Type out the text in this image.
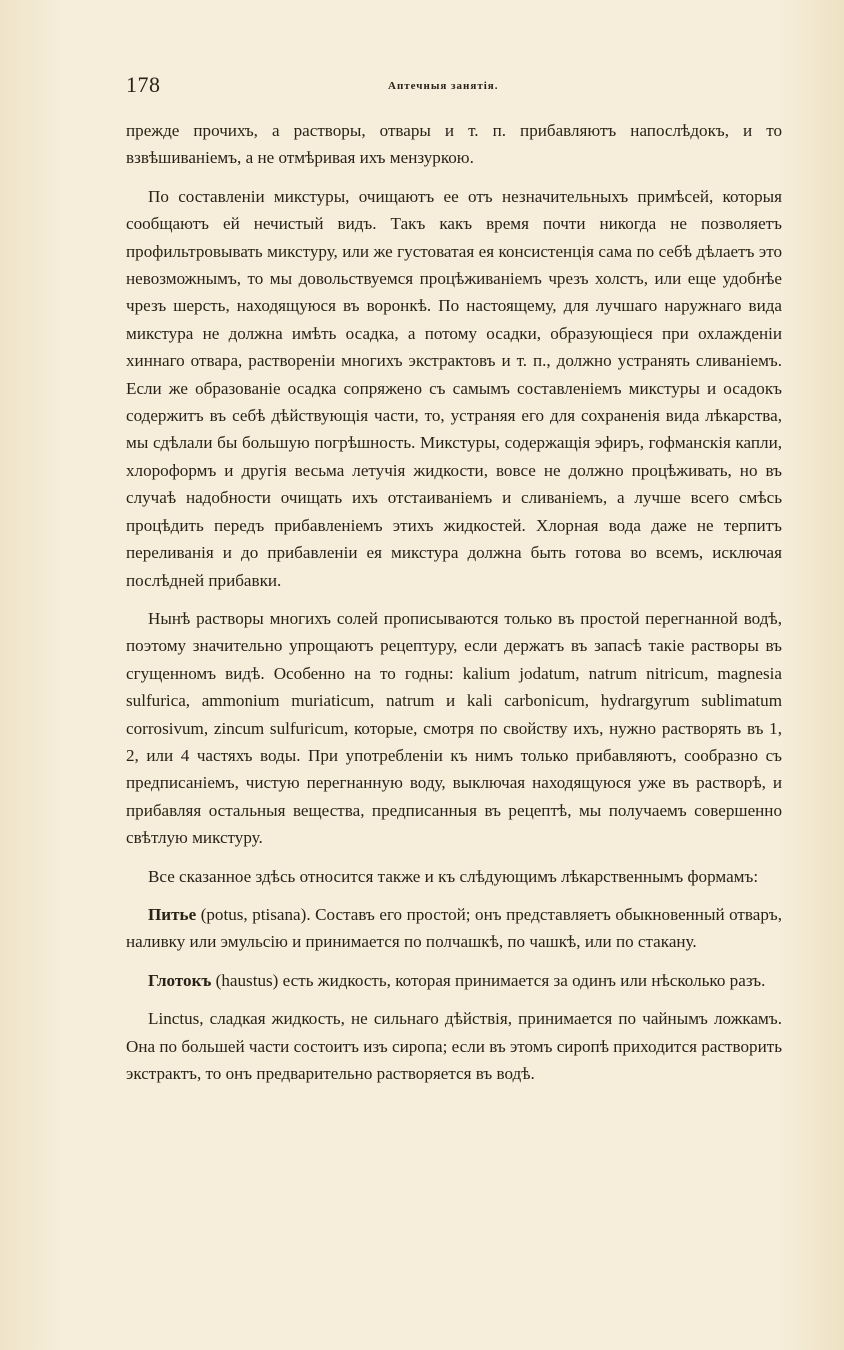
178	Аптечныя занятія.

прежде прочихъ, а растворы, отвары и т. п. прибавляютъ напослѣдокъ, и то взвѣшиваніемъ, а не отмѣривая ихъ мензуркою.

По составленіи микстуры, очищаютъ ее отъ незначительныхъ примѣсей, которыя сообщаютъ ей нечистый видъ. Такъ какъ время почти никогда не позволяетъ профильтровывать микстуру, или же густоватая ея консистенція сама по себѣ дѣлаетъ это невозможнымъ, то мы довольствуемся процѣживаніемъ чрезъ холстъ, или еще удобнѣе чрезъ шерсть, находящуюся въ воронкѣ. По настоящему, для лучшаго наружнаго вида микстура не должна имѣть осадка, а потому осадки, образующіеся при охлажденіи хиннаго отвара, раствореніи многихъ экстрактовъ и т. п., должно устранять сливаніемъ. Если же образованіе осадка сопряжено съ самымъ составленіемъ микстуры и осадокъ содержитъ въ себѣ дѣйствующія части, то, устраняя его для сохраненія вида лѣкарства, мы сдѣлали бы большую погрѣшность. Микстуры, содержащія эфиръ, гофманскія капли, хлороформъ и другія весьма летучія жидкости, вовсе не должно процѣживать, но въ случаѣ надобности очищать ихъ отстаиваніемъ и сливаніемъ, а лучше всего смѣсь процѣдить передъ прибавленіемъ этихъ жидкостей. Хлорная вода даже не терпитъ переливанія и до прибавленіи ея микстура должна быть готова во всемъ, исключая послѣдней прибавки.

Нынѣ растворы многихъ солей прописываются только въ простой перегнанной водѣ, поэтому значительно упрощаютъ рецептуру, если держатъ въ запасѣ такіе растворы въ сгущенномъ видѣ. Особенно на то годны: kalium jodatum, natrum nitricum, magnesia sulfurica, ammonium muriaticum, natrum и kali carbonicum, hydrargyrum sublimatum corrosivum, zincum sulfuricum, которые, смотря по свойству ихъ, нужно растворять въ 1, 2, или 4 частяхъ воды. При употребленіи къ нимъ только прибавляютъ, сообразно съ предписаніемъ, чистую перегнанную воду, выключая находящуюся уже въ растворѣ, и прибавляя остальныя вещества, предписанныя въ рецептѣ, мы получаемъ совершенно свѣтлую микстуру.

Все сказанное здѣсь относится также и къ слѣдующимъ лѣкарственнымъ формамъ:

Питье (potus, ptisana). Составъ его простой; онъ представляетъ обыкновенный отваръ, наливку или эмульсію и принимается по полчашкѣ, по чашкѣ, или по стакану.

Глотокъ (haustus) есть жидкость, которая принимается за одинъ или нѣсколько разъ.

Linctus, сладкая жидкость, не сильнаго дѣйствія, принимается по чайнымъ ложкамъ. Она по большей части состоитъ изъ сиропа; если въ этомъ сиропѣ приходится растворить экстрактъ, то онъ предварительно растворяется въ водѣ.
